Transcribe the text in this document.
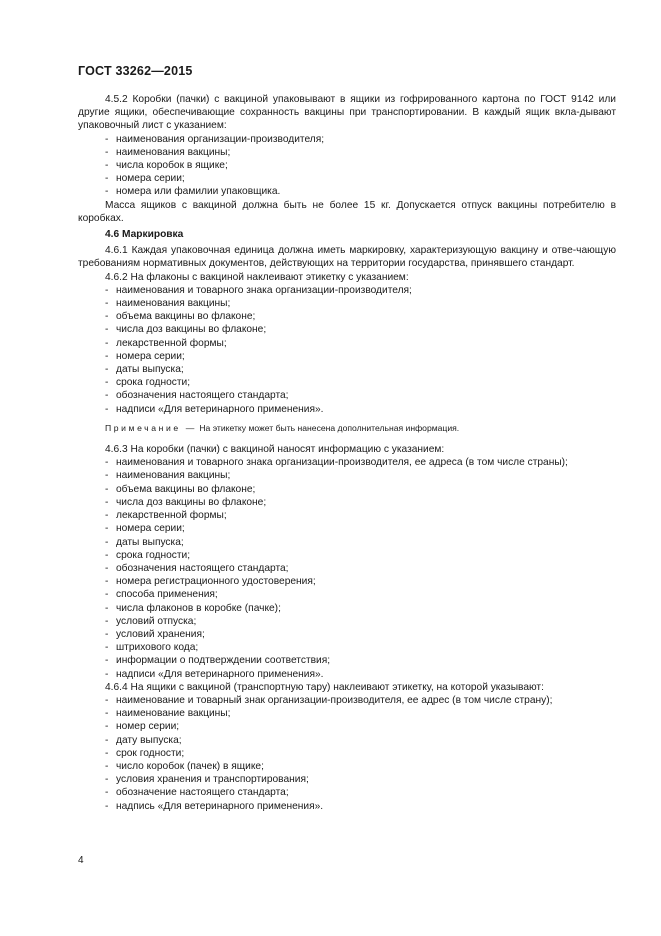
ГОСТ 33262—2015

4.5.2 Коробки (пачки) с вакциной упаковывают в ящики из гофрированного картона по ГОСТ 9142 или другие ящики, обеспечивающие сохранность вакцины при транспортировании. В каждый ящик вкла-дывают упаковочный лист с указанием:

- наименования организации-производителя;
- наименования вакцины;
- числа коробок в ящике;
- номера серии;
- номера или фамилии упаковщика.

Масса ящиков с вакциной должна быть не более 15 кг. Допускается отпуск вакцины потребителю в коробках.

4.6 Маркировка

4.6.1 Каждая упаковочная единица должна иметь маркировку, характеризующую вакцину и отве-чающую требованиям нормативных документов, действующих на территории государства, принявшего стандарт.

4.6.2 На флаконы с вакциной наклеивают этикетку с указанием:

- наименования и товарного знака организации-производителя;
- наименования вакцины;
- объема вакцины во флаконе;
- числа доз вакцины во флаконе;
- лекарственной формы;
- номера серии;
- даты выпуска;
- срока годности;
- обозначения настоящего стандарта;
- надписи «Для ветеринарного применения».
Примечание — На этикетку может быть нанесена дополнительная информация.

4.6.3 На коробки (пачки) с вакциной наносят информацию с указанием:

- наименования и товарного знака организации-производителя, ее адреса (в том числе страны);
- наименования вакцины;
- объема вакцины во флаконе;
- числа доз вакцины во флаконе;
- лекарственной формы;
- номера серии;
- даты выпуска;
- срока годности;
- обозначения настоящего стандарта;
- номера регистрационного удостоверения;
- способа применения;
- числа флаконов в коробке (пачке);
- условий отпуска;
- условий хранения;
- штрихового кода;
- информации о подтверждении соответствия;
- надписи «Для ветеринарного применения».

4.6.4 На ящики с вакциной (транспортную тару) наклеивают этикетку, на которой указывают:

- наименование и товарный знак организации-производителя, ее адрес (в том числе страну);
- наименование вакцины;
- номер серии;
- дату выпуска;
- срок годности;
- число коробок (пачек) в ящике;
- условия хранения и транспортирования;
- обозначение настоящего стандарта;
- надпись «Для ветеринарного применения».
4
